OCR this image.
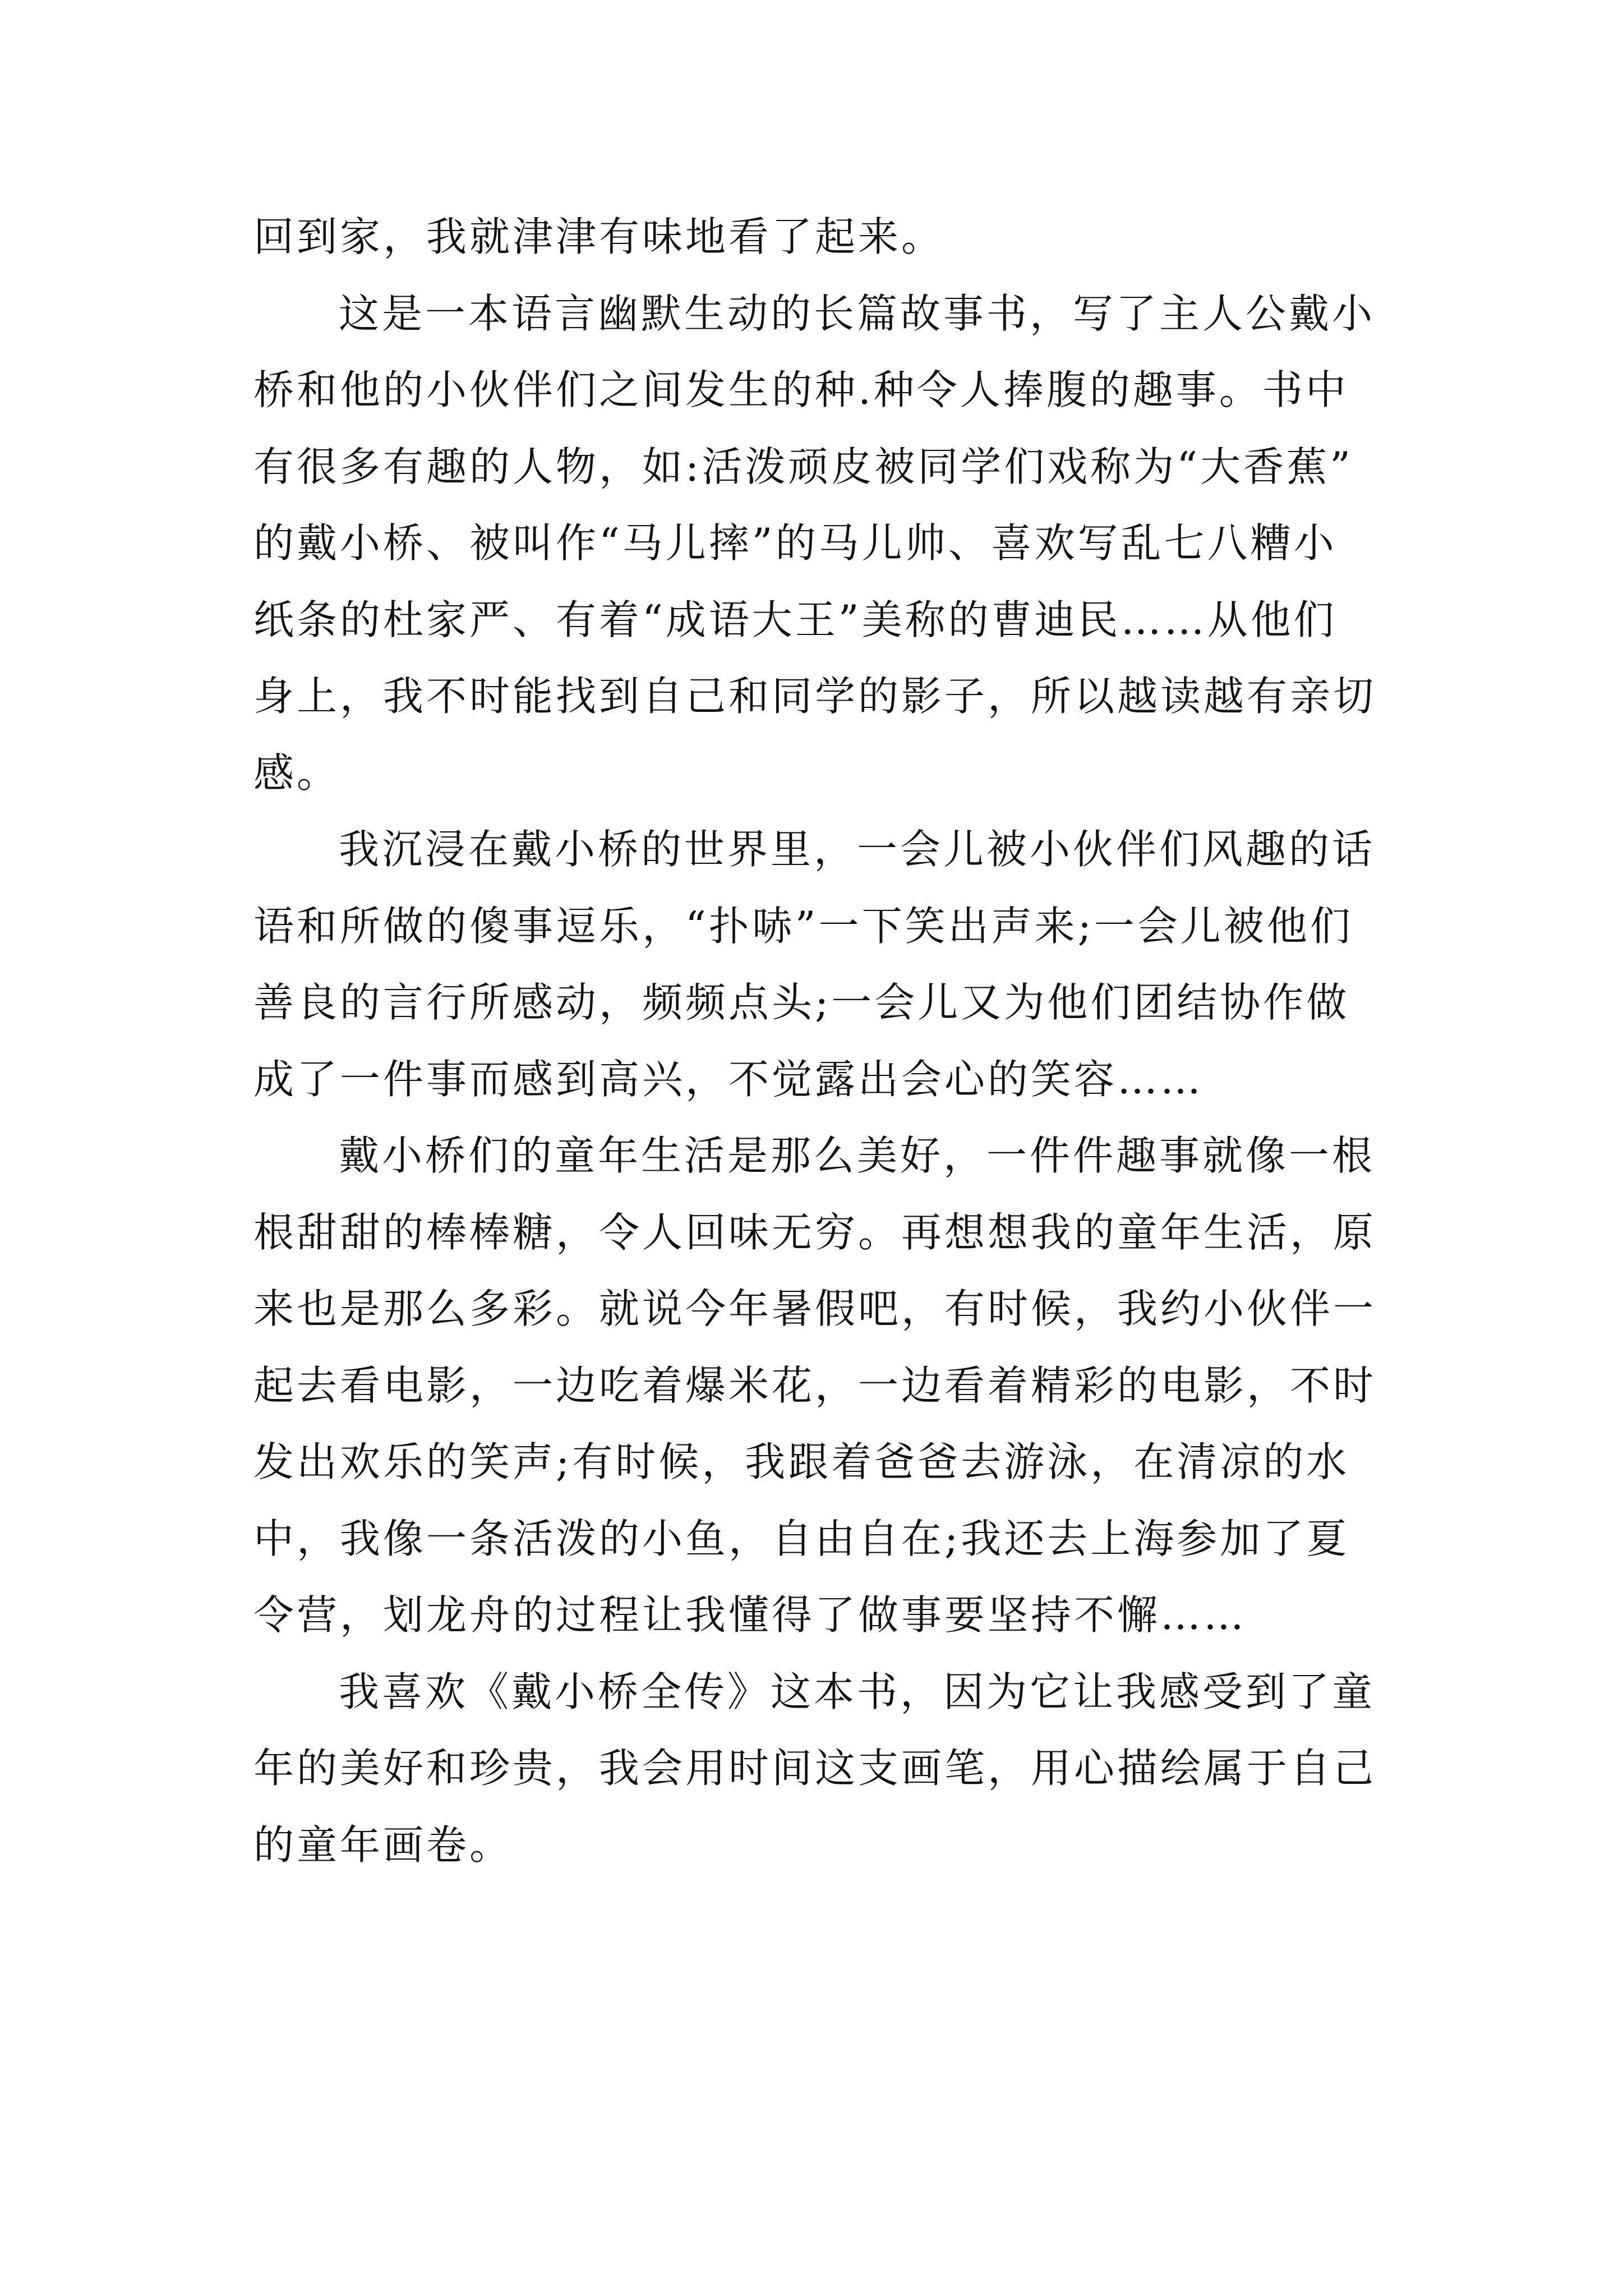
回到家，我就津津有味地看了起来。
这是一本语言幽默生动的长篇故事书，写了主人公戴小
桥和他的小伙伴们之间发生的种.种令人捧腹的趣事。书中
有很多有趣的人物，如:活泼顽皮被同学们戏称为“大香蕉”
的戴小桥、被叫作“马儿摔”的马儿帅、喜欢写乱七八糟小
纸条的杜家严、有着“成语大王”美称的曹迪民……从他们
身上，我不时能找到自己和同学的影子，所以越读越有亲切
感。
我沉浸在戴小桥的世界里，一会儿被小伙伴们风趣的话
语和所做的傻事逗乐，“扑哧”一下笑出声来;一会儿被他们
善良的言行所感动，频频点头;一会儿又为他们团结协作做
成了一件事而感到高兴，不觉露出会心的笑容……
戴小桥们的童年生活是那么美好，一件件趣事就像一根
根甜甜的棒棒糖，令人回味无穷。再想想我的童年生活，原
来也是那么多彩。就说今年暑假吧，有时候，我约小伙伴一
起去看电影，一边吃着爆米花，一边看着精彩的电影，不时
发出欢乐的笑声;有时候，我跟着爸爸去游泳，在清凉的水
中，我像一条活泼的小鱼，自由自在;我还去上海参加了夏
令营，划龙舟的过程让我懂得了做事要坚持不懈……
我喜欢《戴小桥全传》这本书，因为它让我感受到了童
年的美好和珍贵，我会用时间这支画笔，用心描绘属于自己
的童年画卷。
